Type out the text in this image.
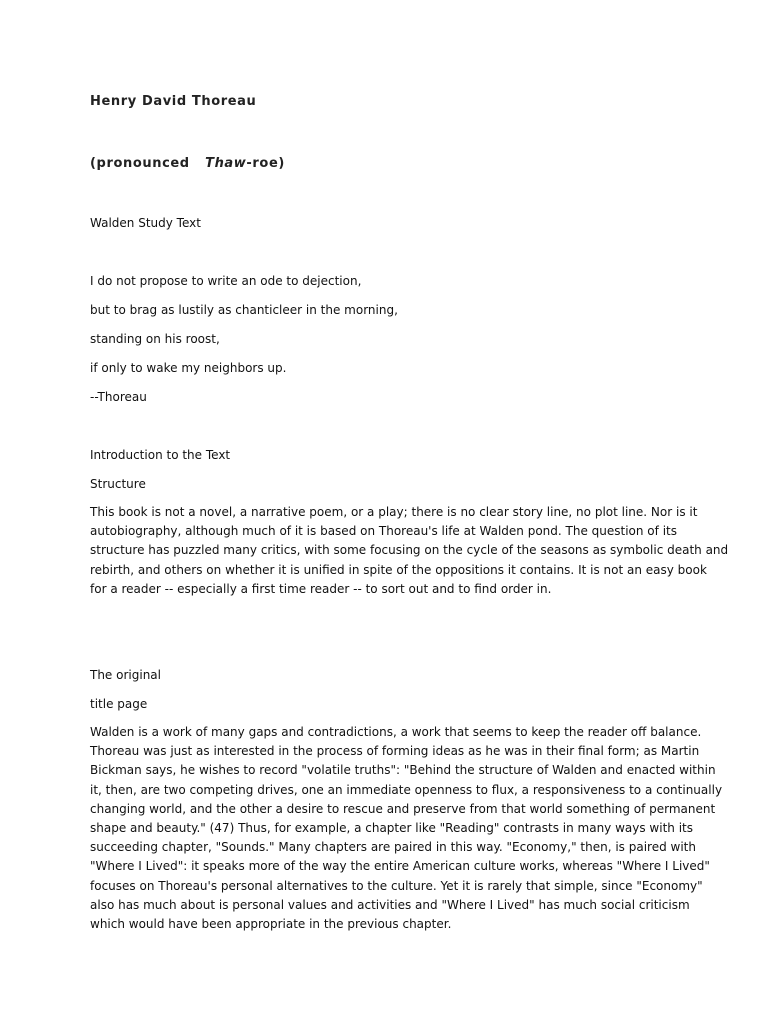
Henry David Thoreau
(pronounced Thaw-roe)
Walden Study Text
I do not propose to write an ode to dejection,
but to brag as lustily as chanticleer in the morning,
standing on his roost,
if only to wake my neighbors up.
--Thoreau
Introduction to the Text
Structure
This book is not a novel, a narrative poem, or a play; there is no clear story line, no plot line. Nor is it
autobiography, although much of it is based on Thoreau's life at Walden pond. The question of its
structure has puzzled many critics, with some focusing on the cycle of the seasons as symbolic death and
rebirth, and others on whether it is unified in spite of the oppositions it contains. It is not an easy book
for a reader -- especially a first time reader -- to sort out and to find order in.
The original
title page
Walden is a work of many gaps and contradictions, a work that seems to keep the reader off balance.
Thoreau was just as interested in the process of forming ideas as he was in their final form; as Martin
Bickman says, he wishes to record "volatile truths": "Behind the structure of Walden and enacted within
it, then, are two competing drives, one an immediate openness to flux, a responsiveness to a continually
changing world, and the other a desire to rescue and preserve from that world something of permanent
shape and beauty." (47) Thus, for example, a chapter like "Reading" contrasts in many ways with its
succeeding chapter, "Sounds." Many chapters are paired in this way. "Economy," then, is paired with
"Where I Lived": it speaks more of the way the entire American culture works, whereas "Where I Lived"
focuses on Thoreau's personal alternatives to the culture. Yet it is rarely that simple, since "Economy"
also has much about is personal values and activities and "Where I Lived" has much social criticism
which would have been appropriate in the previous chapter.
